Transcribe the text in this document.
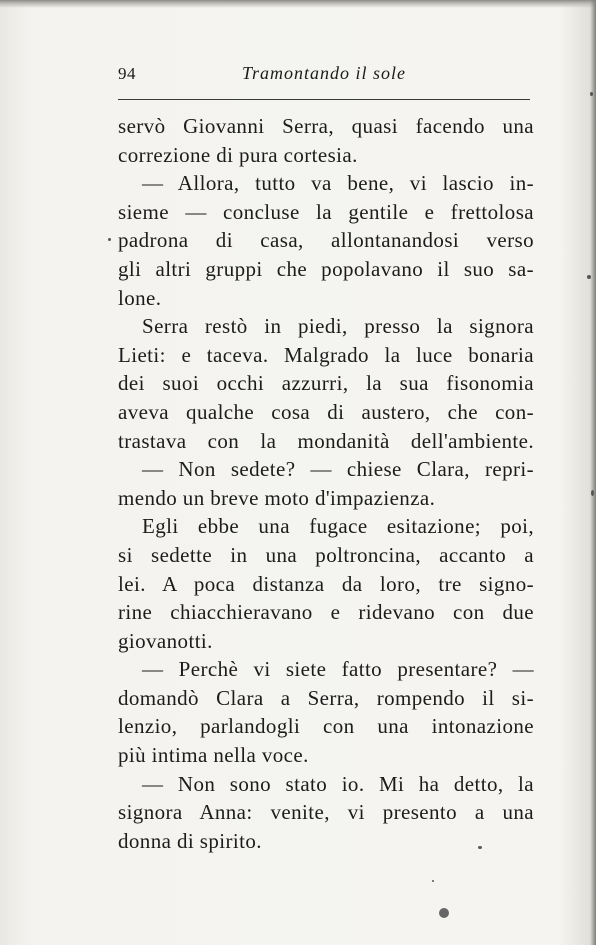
94	Tramontando il sole
servò Giovanni Serra, quasi facendo una
correzione di pura cortesia.
— Allora, tutto va bene, vi lascio in-
sieme — concluse la gentile e frettolosa
padrona di casa, allontanandosi verso
gli altri gruppi che popolavano il suo sa-
lone.
Serra restò in piedi, presso la signora
Lieti: e taceva. Malgrado la luce bonaria
dei suoi occhi azzurri, la sua fisonomia
aveva qualche cosa di austero, che con-
trastava con la mondanità dell'ambiente.
— Non sedete? — chiese Clara, repri-
mendo un breve moto d'impazienza.
Egli ebbe una fugace esitazione; poi,
si sedette in una poltroncina, accanto a
lei. A poca distanza da loro, tre signo-
rine chiacchieravano e ridevano con due
giovanotti.
— Perchè vi siete fatto presentare? —
domandò Clara a Serra, rompendo il si-
lenzio, parlandogli con una intonazione
più intima nella voce.
— Non sono stato io. Mi ha detto, la
signora Anna: venite, vi presento a una
donna di spirito.
